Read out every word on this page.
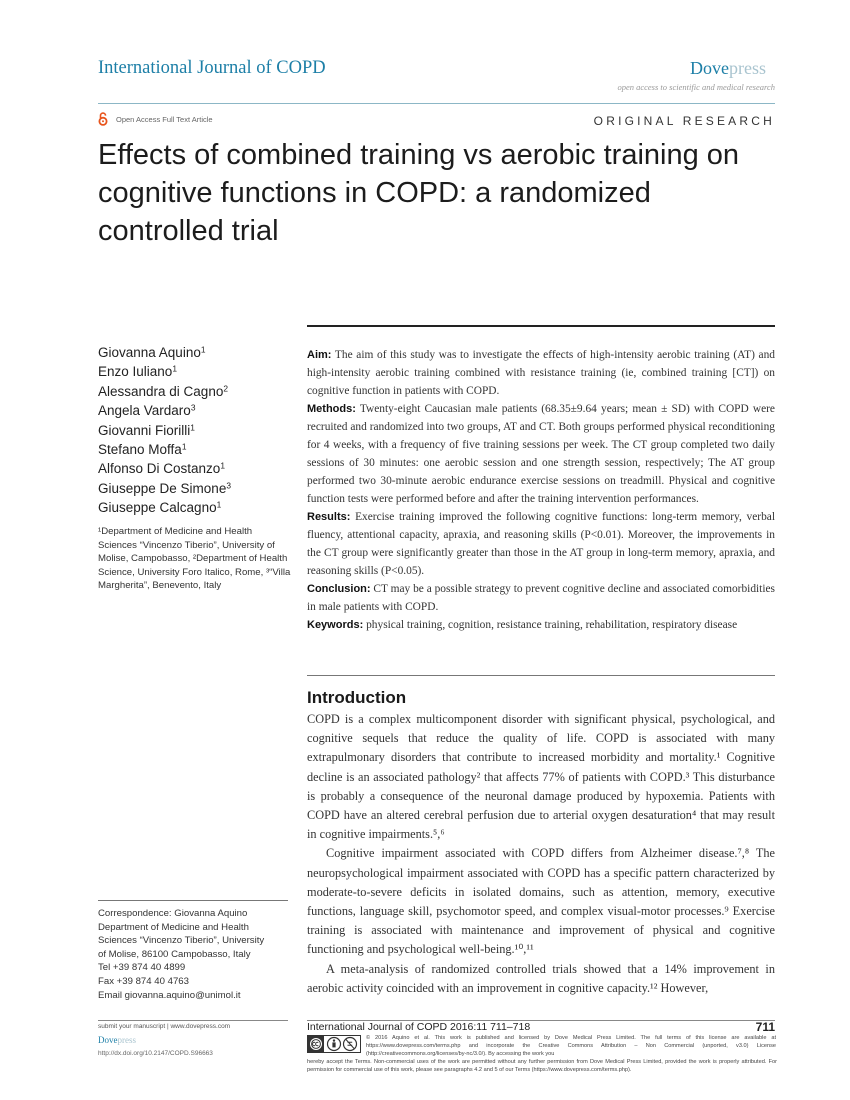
International Journal of COPD	Dovepress
open access to scientific and medical research
Open Access Full Text Article	ORIGINAL RESEARCH
Effects of combined training vs aerobic training on cognitive functions in COPD: a randomized controlled trial
Giovanna Aquino$^1$
Enzo Iuliano$^1$
Alessandra di Cagno$^2$
Angela Vardaro$^3$
Giovanni Fiorilli$^1$
Stefano Moffa$^1$
Alfonso Di Costanzo$^1$
Giuseppe De Simone$^3$
Giuseppe Calcagno$^1$

¹Department of Medicine and Health Sciences “Vincenzo Tiberio”, University of Molise, Campobasso, ²Department of Health Science, University Foro Italico, Rome, ³“Villa Margherita”, Benevento, Italy

Correspondence: Giovanna Aquino
Department of Medicine and Health
Sciences “Vincenzo Tiberio”, University
of Molise, 86100 Campobasso, Italy
Tel +39 874 40 4899
Fax +39 874 40 4763
Email giovanna.aquino@unimol.it

Aim: The aim of this study was to investigate the effects of high-intensity aerobic training (AT) and high-intensity aerobic training combined with resistance training (ie, combined training [CT]) on cognitive function in patients with COPD.

Methods: Twenty-eight Caucasian male patients (68.35±9.64 years; mean ± SD) with COPD were recruited and randomized into two groups, AT and CT. Both groups performed physical reconditioning for 4 weeks, with a frequency of five training sessions per week. The CT group completed two daily sessions of 30 minutes: one aerobic session and one strength session, respectively; The AT group performed two 30-minute aerobic endurance exercise sessions on treadmill. Physical and cognitive function tests were performed before and after the training intervention performances.

Results: Exercise training improved the following cognitive functions: long-term memory, verbal fluency, attentional capacity, apraxia, and reasoning skills (P<0.01). Moreover, the improvements in the CT group were significantly greater than those in the AT group in long-term memory, apraxia, and reasoning skills (P<0.05).

Conclusion: CT may be a possible strategy to prevent cognitive decline and associated comorbidities in male patients with COPD.

Keywords: physical training, cognition, resistance training, rehabilitation, respiratory disease

Introduction

COPD is a complex multicomponent disorder with significant physical, psychological, and cognitive sequels that reduce the quality of life. COPD is associated with many extrapulmonary disorders that contribute to increased morbidity and mortality.¹ Cognitive decline is an associated pathology² that affects 77% of patients with COPD.³ This disturbance is probably a consequence of the neuronal damage produced by hypoxemia. Patients with COPD have an altered cerebral perfusion due to arterial oxygen desaturation⁴ that may result in cognitive impairments.⁵,⁶

Cognitive impairment associated with COPD differs from Alzheimer disease.⁷,⁸ The neuropsychological impairment associated with COPD has a specific pattern characterized by moderate-to-severe deficits in isolated domains, such as attention, memory, executive functions, language skill, psychomotor speed, and complex visual-motor processes.⁹ Exercise training is associated with maintenance and improvement of physical and cognitive functioning and psychological well-being.¹⁰,¹¹

A meta-analysis of randomized controlled trials showed that a 14% improvement in aerobic activity coincided with an improvement in cognitive capacity.¹² However,

submit your manuscript | www.dovepress.com
Dovepress
http://dx.doi.org/10.2147/COPD.S96663
International Journal of COPD 2016:11 711–718	711
© 2016 Aquino et al. This work is published and licensed by Dove Medical Press Limited. The full terms of this license are available at https://www.dovepress.com/terms.php and incorporate the Creative Commons Attribution – Non Commercial (unported, v3.0) License (http://creativecommons.org/licenses/by-nc/3.0/). By accessing the work you
hereby accept the Terms. Non-commercial uses of the work are permitted without any further permission from Dove Medical Press Limited, provided the work is properly attributed. For permission for commercial use of this work, please see paragraphs 4.2 and 5 of our Terms (https://www.dovepress.com/terms.php).
